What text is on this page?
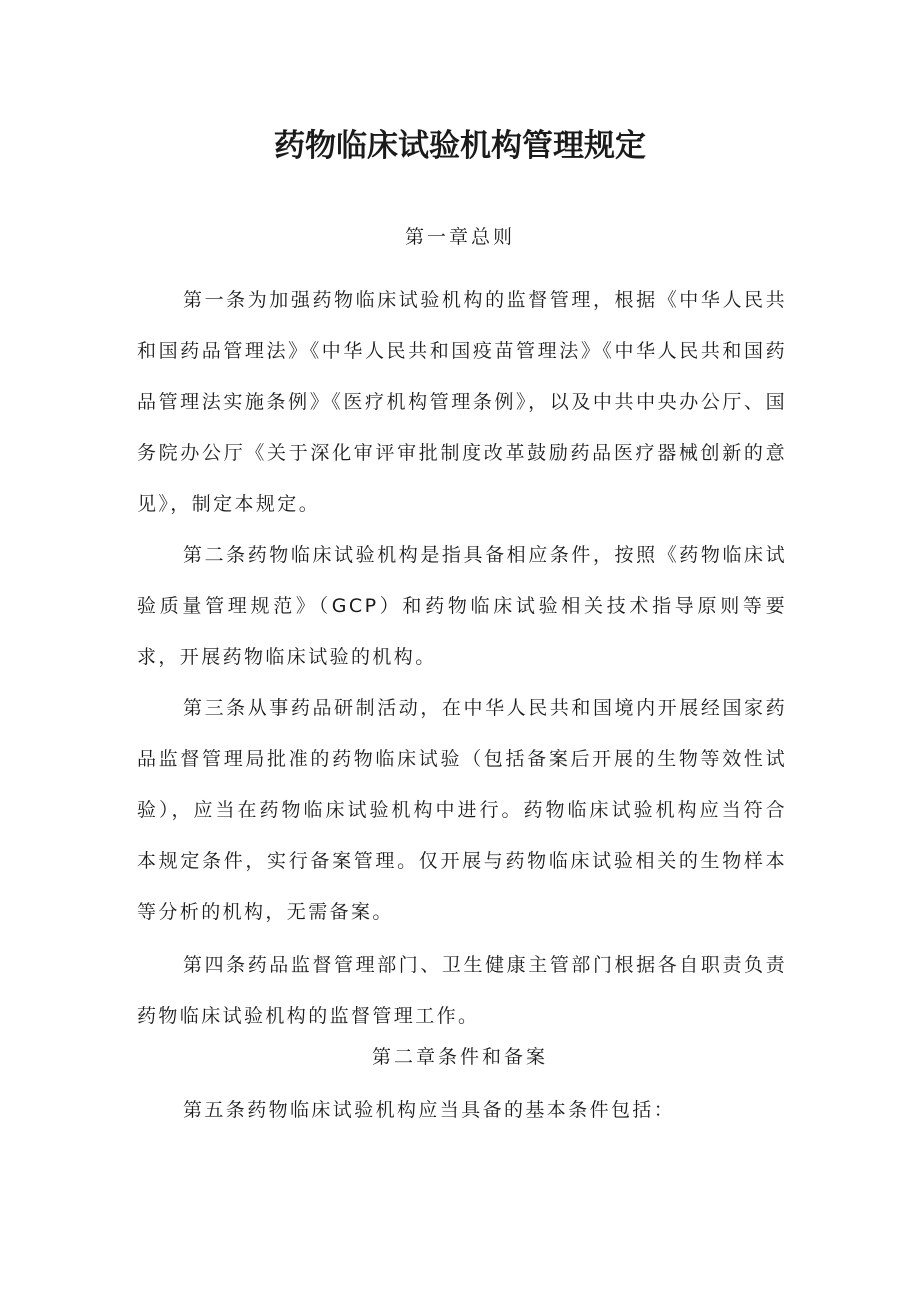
药物临床试验机构管理规定

第一章总则

第一条为加强药物临床试验机构的监督管理，根据《中华人民共和国药品管理法》《中华人民共和国疫苗管理法》《中华人民共和国药品管理法实施条例》《医疗机构管理条例》，以及中共中央办公厅、国务院办公厅《关于深化审评审批制度改革鼓励药品医疗器械创新的意见》，制定本规定。

第二条药物临床试验机构是指具备相应条件，按照《药物临床试验质量管理规范》（GCP）和药物临床试验相关技术指导原则等要求，开展药物临床试验的机构。

第三条从事药品研制活动，在中华人民共和国境内开展经国家药品监督管理局批准的药物临床试验（包括备案后开展的生物等效性试验），应当在药物临床试验机构中进行。药物临床试验机构应当符合本规定条件，实行备案管理。仅开展与药物临床试验相关的生物样本等分析的机构，无需备案。

第四条药品监督管理部门、卫生健康主管部门根据各自职责负责药物临床试验机构的监督管理工作。

第二章条件和备案

第五条药物临床试验机构应当具备的基本条件包括：
